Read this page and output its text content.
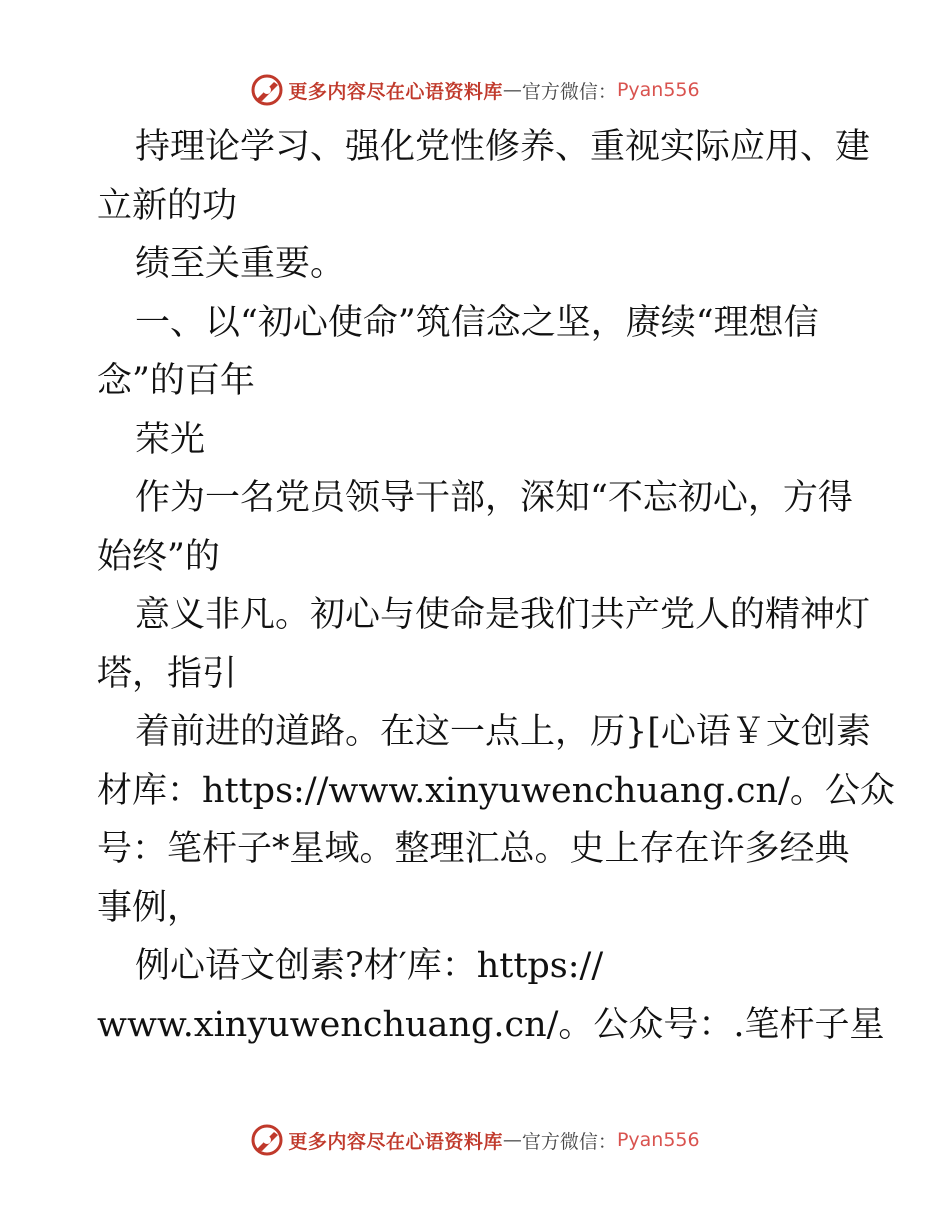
更多内容尽在心语资料库 — 官方微信： Pyan556
持理论学习、强化党性修养、重视实际应用、建
立新的功
绩至关重要。
一、以“初心使命”筑信念之坚，赓续“理想信
念”的百年
荣光
作为一名党员领导干部，深知“不忘初心，方得
始终”的
意义非凡。初心与使命是我们共产党人的精神灯
塔，指引
着前进的道路。在这一点上，历}[心语￥文创素
材库：https://www.xinyuwenchuang.cn/。公众
号：笔杆子*星域。整理汇总。史上存在许多经典
事例，
例心语文创素?材′库：https://
www.xinyuwenchuang.cn/。公众号：.笔杆子星
更多内容尽在心语资料库 — 官方微信： Pyan556
